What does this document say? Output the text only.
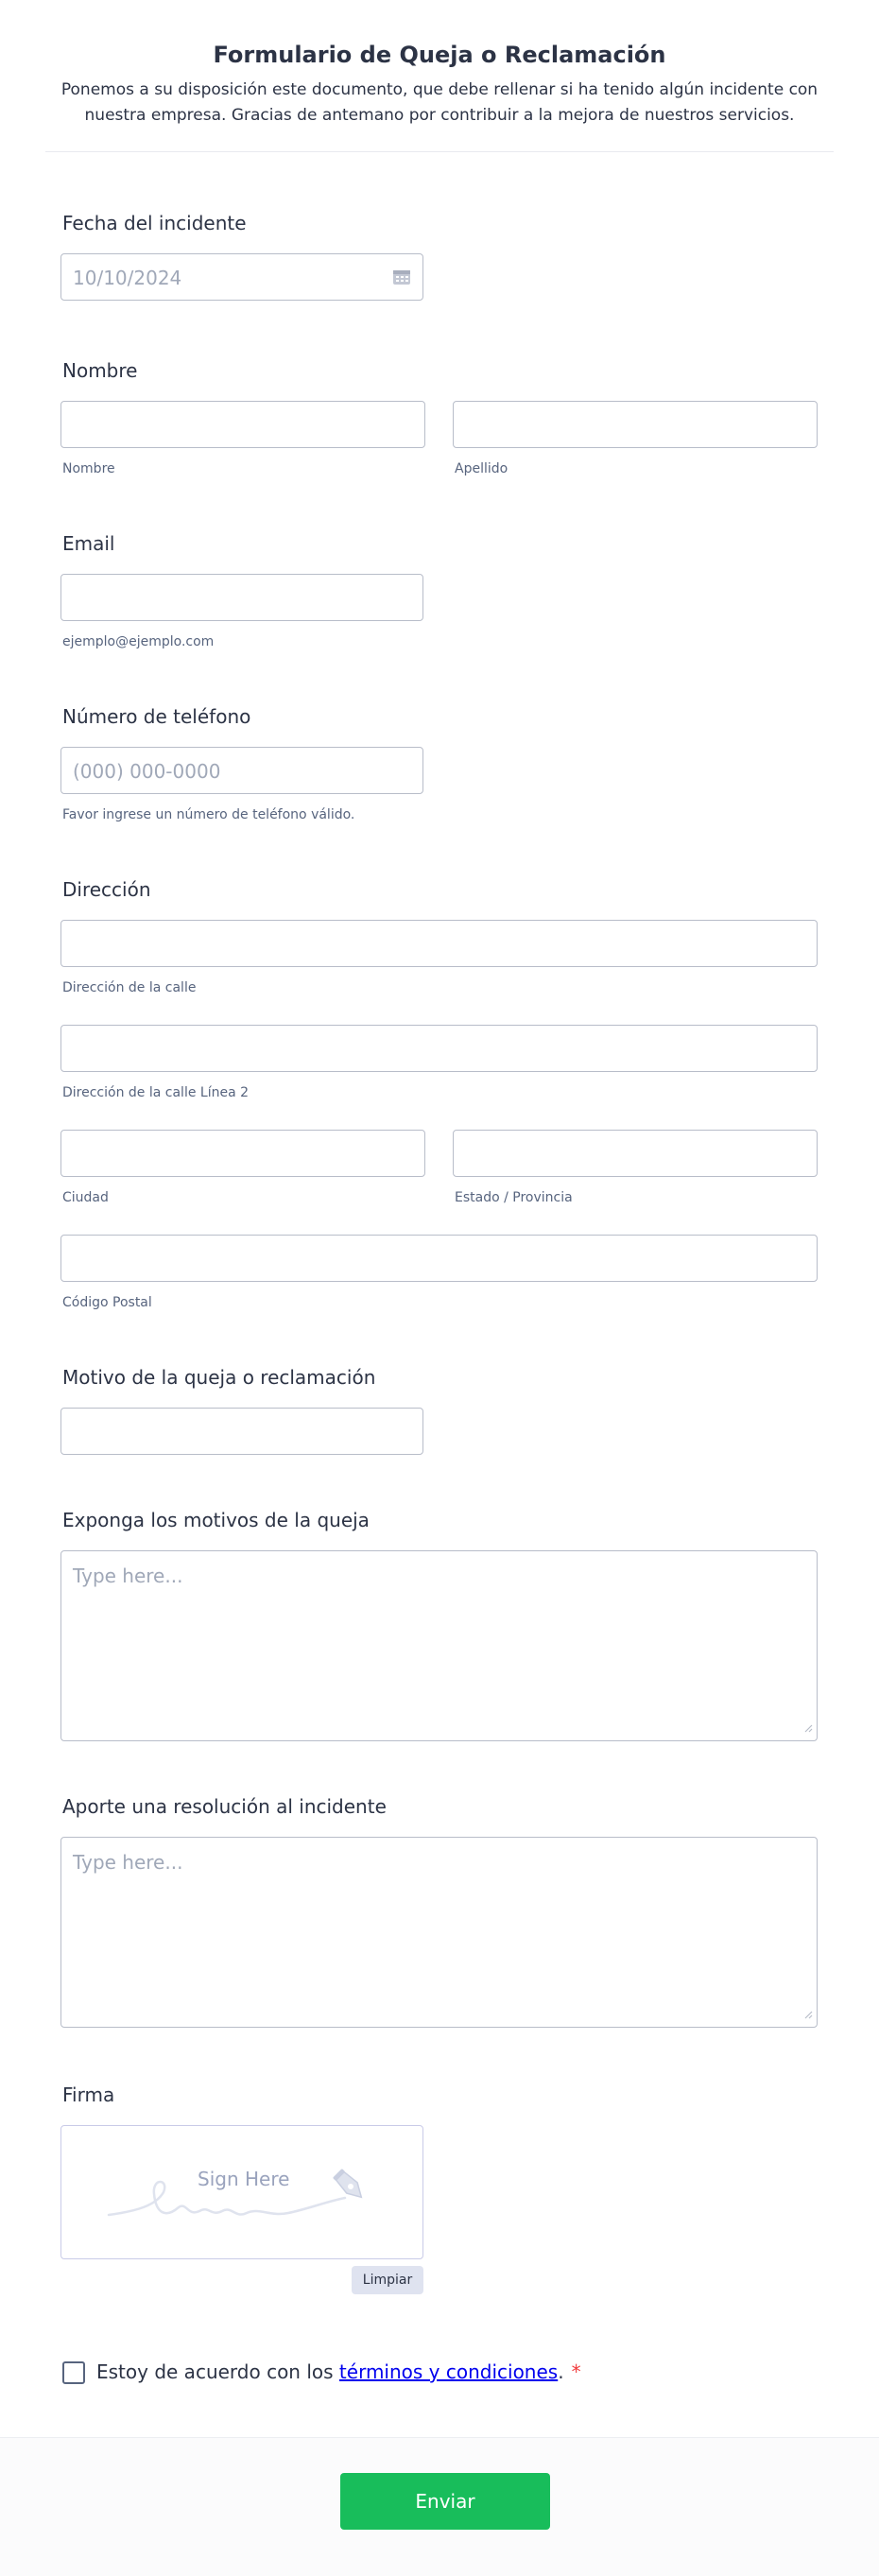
Formulario de Queja o Reclamación
Ponemos a su disposición este documento, que debe rellenar si ha tenido algún incidente con nuestra empresa. Gracias de antemano por contribuir a la mejora de nuestros servicios.
Fecha del incidente
10/10/2024
Nombre
Nombre	Apellido
Email
ejemplo@ejemplo.com
Número de teléfono
(000) 000-0000
Favor ingrese un número de teléfono válido.
Dirección
Dirección de la calle
Dirección de la calle Línea 2
Ciudad	Estado / Provincia
Código Postal
Motivo de la queja o reclamación
Exponga los motivos de la queja
Type here...
Aporte una resolución al incidente
Type here...
Firma
Sign Here
Limpiar
Estoy de acuerdo con los términos y condiciones. *
Enviar
